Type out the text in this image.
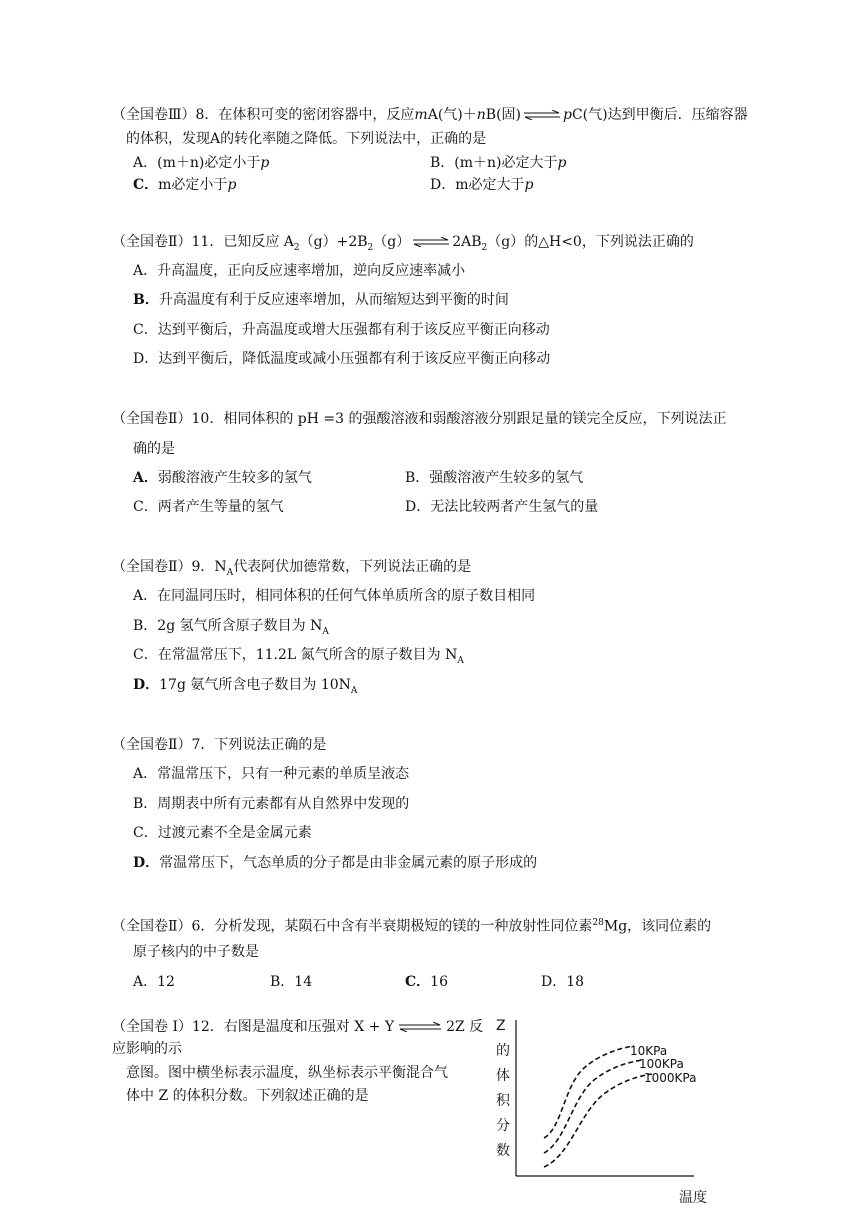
（全国卷Ⅲ）8．在体积可变的密闭容器中，反应mA(气)＋nB(固) ⇌ pC(气)达到甲衡后．压缩容器
的体积，发现A的转化率随之降低。下列说法中，正确的是
A．(m＋n)必定小于p	B．(m＋n)必定大于p
C．m必定小于p	D．m必定大于p
（全国卷Ⅱ）11．已知反应 $A_2(g)+2B_2(g)$ ⇌ $2AB_2(g)$的△H<0，下列说法正确的
A．升高温度，正向反应速率增加，逆向反应速率减小
B．升高温度有利于反应速率增加，从而缩短达到平衡的时间
C．达到平衡后，升高温度或增大压强都有利于该反应平衡正向移动
D．达到平衡后，降低温度或减小压强都有利于该反应平衡正向移动
（全国卷Ⅱ）10．相同体积的 pH =3 的强酸溶液和弱酸溶液分别跟足量的镁完全反应，下列说法正
确的是
A．弱酸溶液产生较多的氢气	B．强酸溶液产生较多的氢气
C．两者产生等量的氢气	D．无法比较两者产生氢气的量
（全国卷Ⅱ）9．$N_A$代表阿伏加德常数，下列说法正确的是
A．在同温同压时，相同体积的任何气体单质所含的原子数目相同
B．2g 氢气所含原子数目为 $N_A$
C．在常温常压下，11.2L 氮气所含的原子数目为 $N_A$
D．17g 氨气所含电子数目为 $10N_A$
（全国卷Ⅱ）7．下列说法正确的是
A．常温常压下，只有一种元素的单质呈液态
B．周期表中所有元素都有从自然界中发现的
C．过渡元素不全是金属元素
D．常温常压下，气态单质的分子都是由非金属元素的原子形成的
（全国卷Ⅱ）6．分析发现，某陨石中含有半衰期极短的镁的一种放射性同位素$^{28}$Mg，该同位素的
原子核内的中子数是
A．12	B．14	C．16	D．18
（全国卷 I）12．右图是温度和压强对 X + Y ⇌ 2Z 反
应影响的示
意图。图中横坐标表示温度，纵坐标表示平衡混合气
体中 Z 的体积分数。下列叙述正确的是
Z
的
体
积
分
数
10KPa
100KPa
1000KPa
温度
